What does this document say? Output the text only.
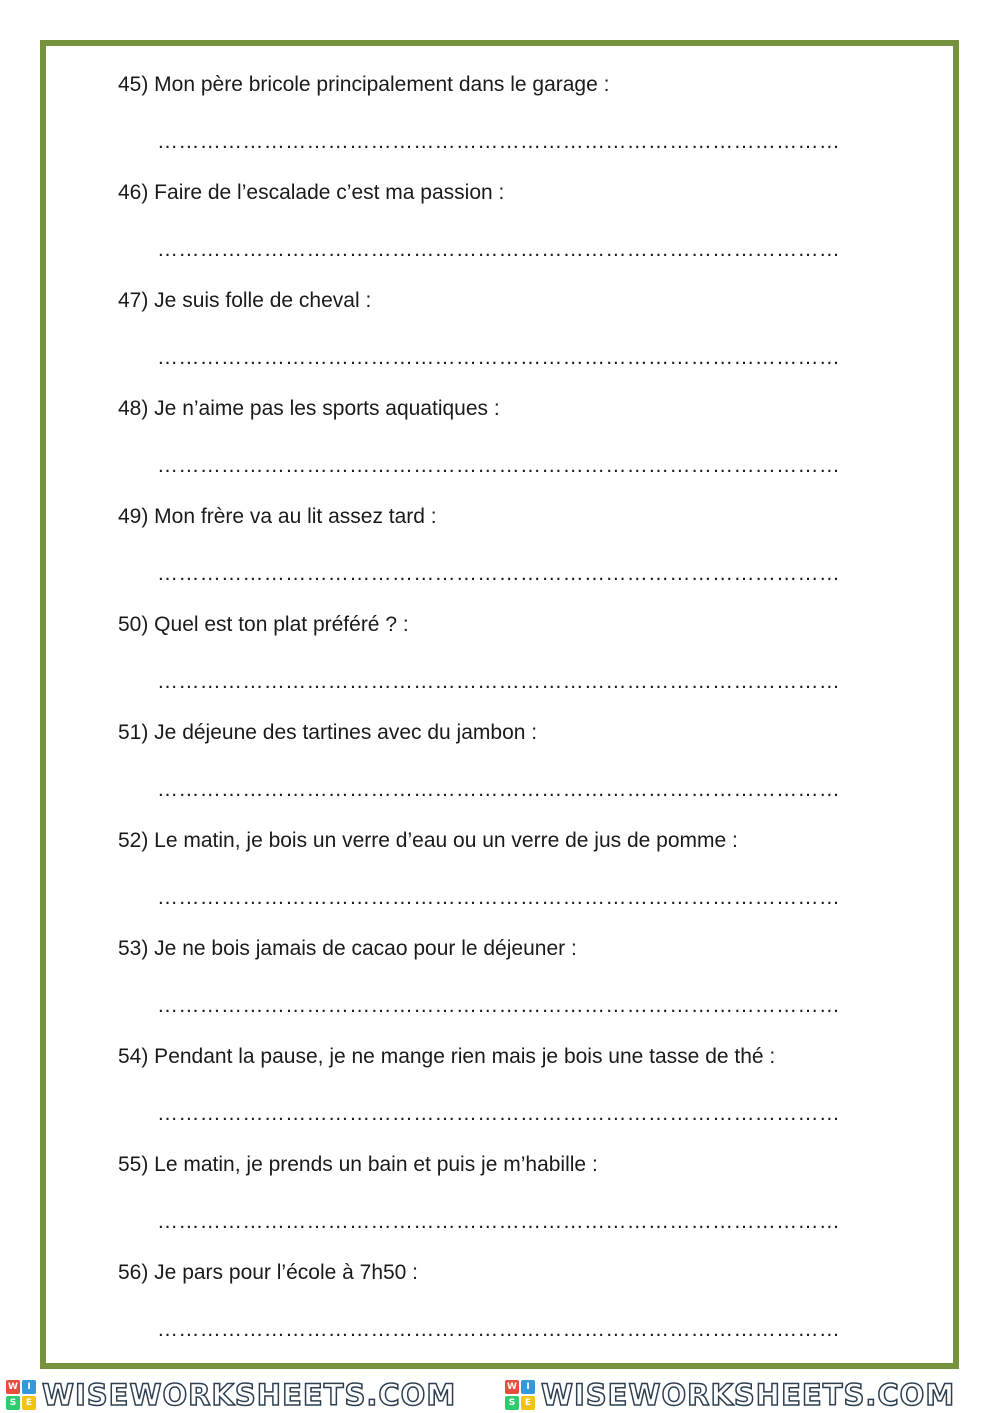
45) Mon père bricole principalement dans le garage :
……………………………………………………………………………………
46) Faire de l’escalade c’est ma passion :
……………………………………………………………………………………
47) Je suis folle de cheval :
……………………………………………………………………………………
48) Je n’aime pas les sports aquatiques :
……………………………………………………………………………………
49) Mon frère va au lit assez tard :
……………………………………………………………………………………
50) Quel est ton plat préféré ? :
……………………………………………………………………………………
51) Je déjeune des tartines avec du jambon :
……………………………………………………………………………………
52) Le matin, je bois un verre d’eau ou un verre de jus de pomme :
……………………………………………………………………………………
53) Je ne bois jamais de cacao pour le déjeuner :
……………………………………………………………………………………
54) Pendant la pause, je ne mange rien mais je bois une tasse de thé :
……………………………………………………………………………………
55) Le matin, je prends un bain et puis je m’habille :
……………………………………………………………………………………
56) Je pars pour l’école à 7h50 :
……………………………………………………………………………………
W	I
S	E WISEWORKSHEETS.COM	W	I
S	E WISEWORKSHEETS.COM
